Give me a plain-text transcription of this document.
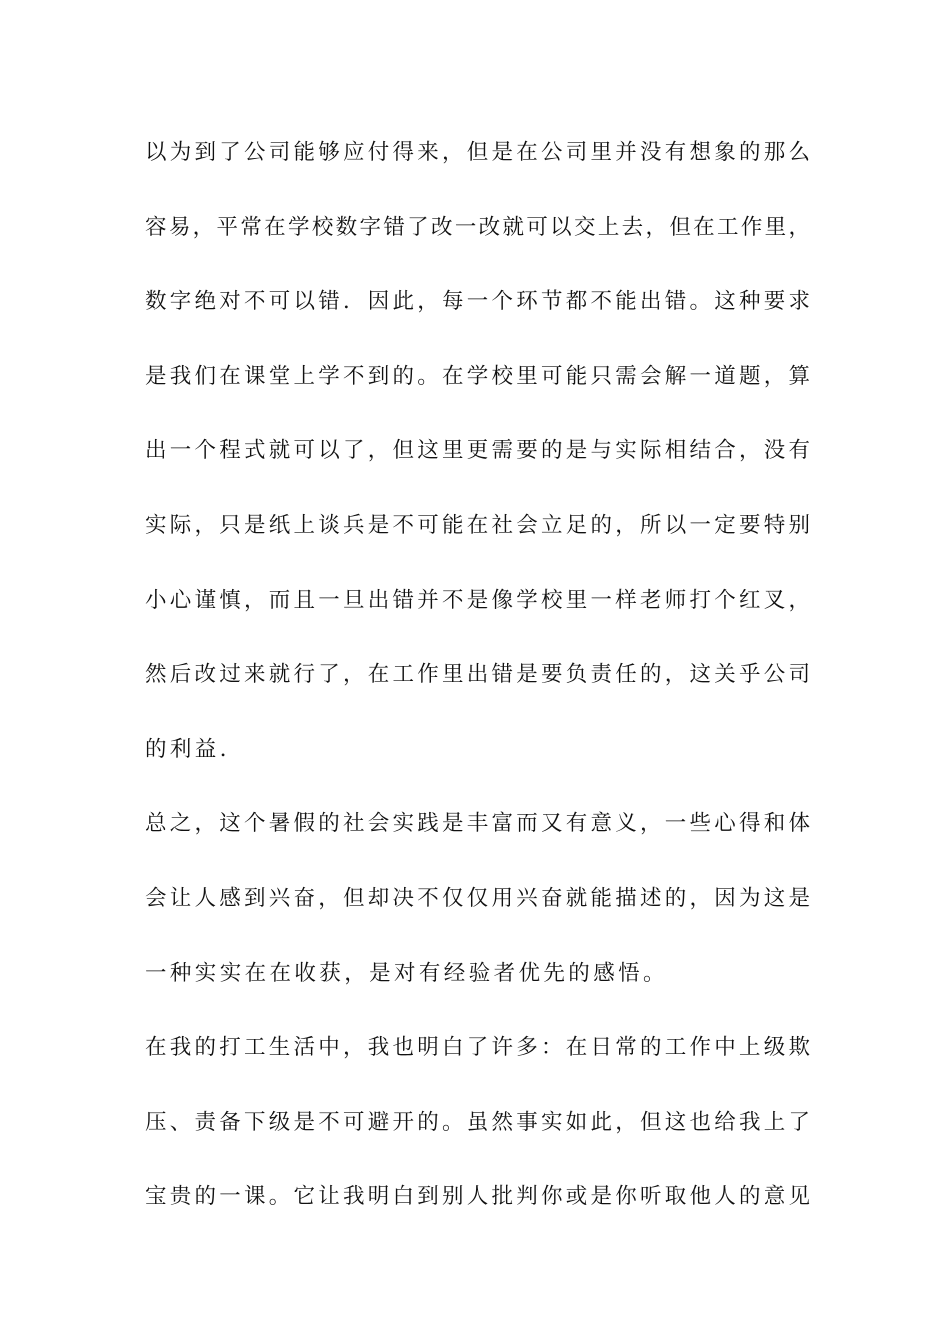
以为到了公司能够应付得来，但是在公司里并没有想象的那么
容易，平常在学校数字错了改一改就可以交上去，但在工作里，
数字绝对不可以错．因此，每一个环节都不能出错。这种要求
是我们在课堂上学不到的。在学校里可能只需会解一道题，算
出一个程式就可以了，但这里更需要的是与实际相结合，没有
实际，只是纸上谈兵是不可能在社会立足的，所以一定要特别
小心谨慎，而且一旦出错并不是像学校里一样老师打个红叉，
然后改过来就行了，在工作里出错是要负责任的，这关乎公司
的利益．
总之，这个暑假的社会实践是丰富而又有意义，一些心得和体
会让人感到兴奋，但却决不仅仅用兴奋就能描述的，因为这是
一种实实在在收获，是对有经验者优先的感悟。
在我的打工生活中，我也明白了许多：在日常的工作中上级欺
压、责备下级是不可避开的。虽然事实如此，但这也给我上了
宝贵的一课。它让我明白到别人批判你或是你听取他人的意见
